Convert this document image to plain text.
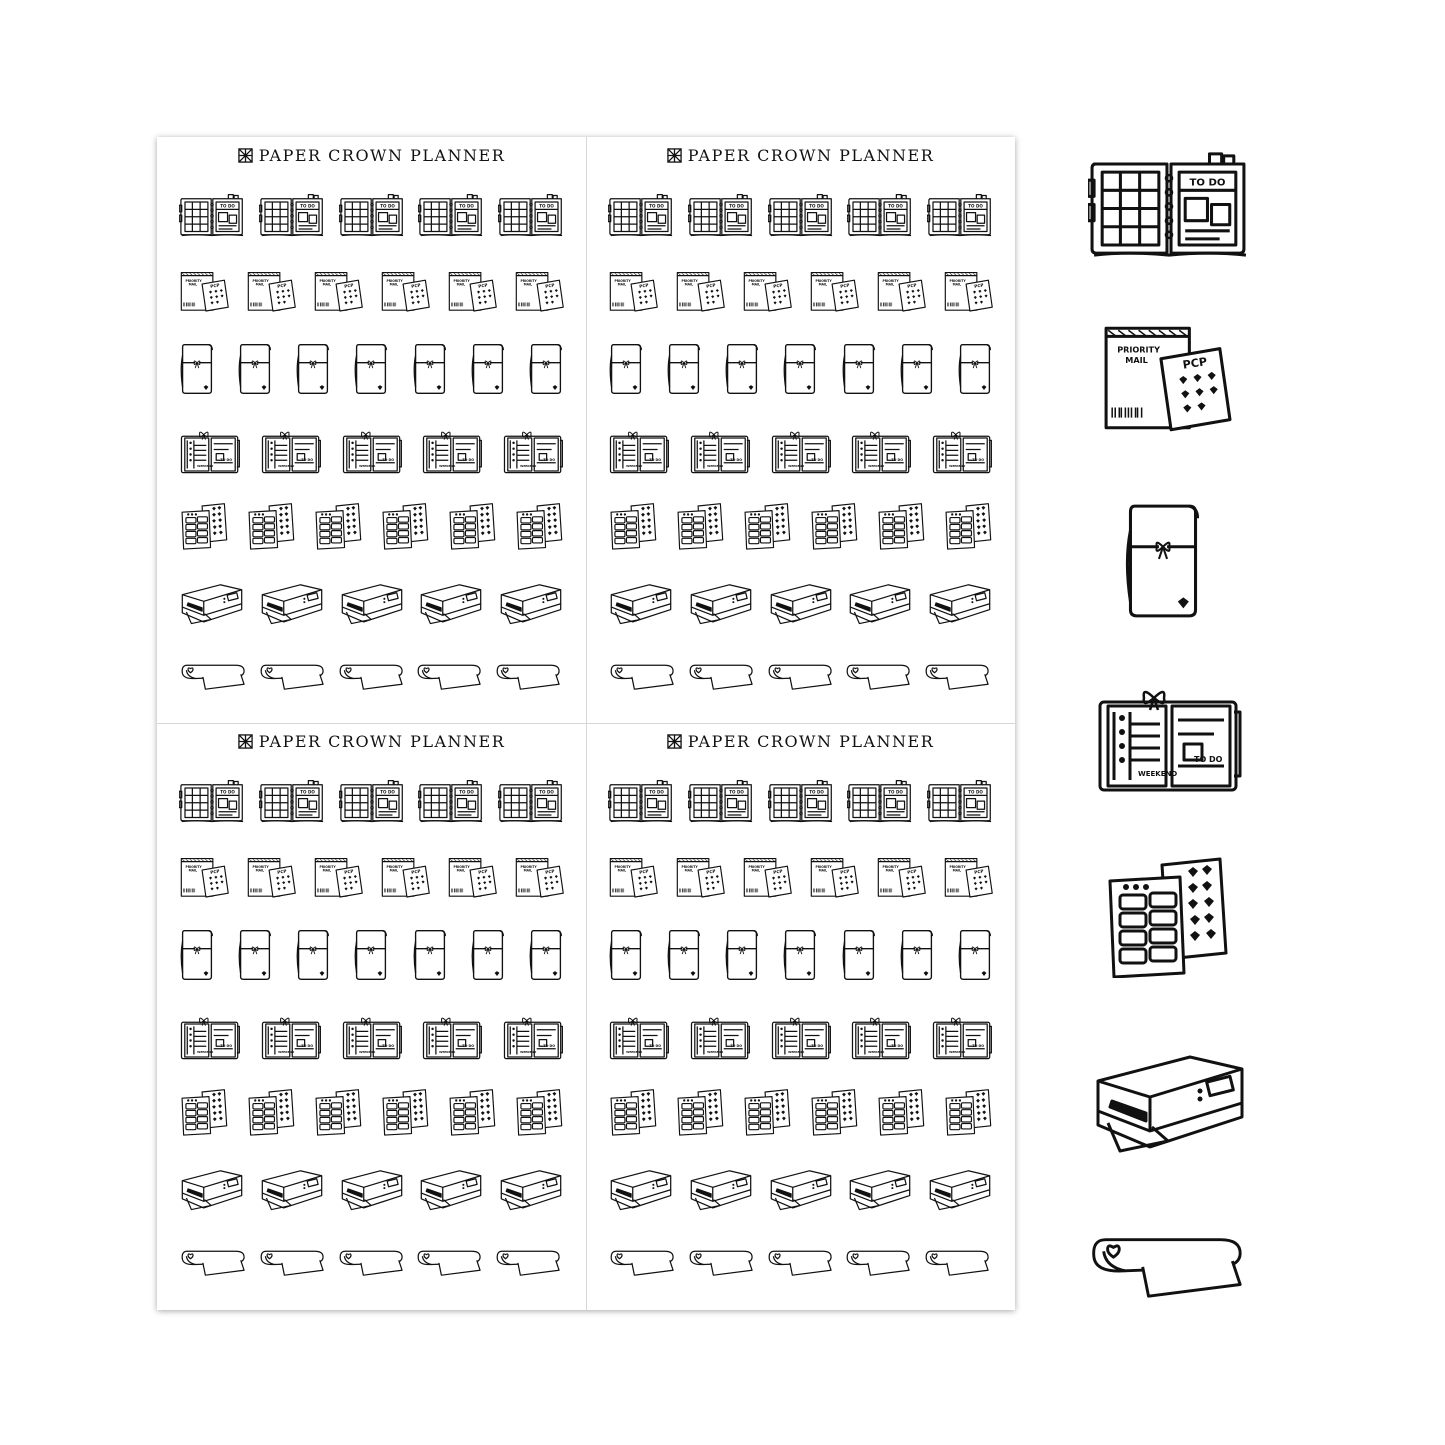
PAPER CROWN PLANNER	PAPER CROWN PLANNER
PAPER CROWN PLANNER	PAPER CROWN PLANNER
